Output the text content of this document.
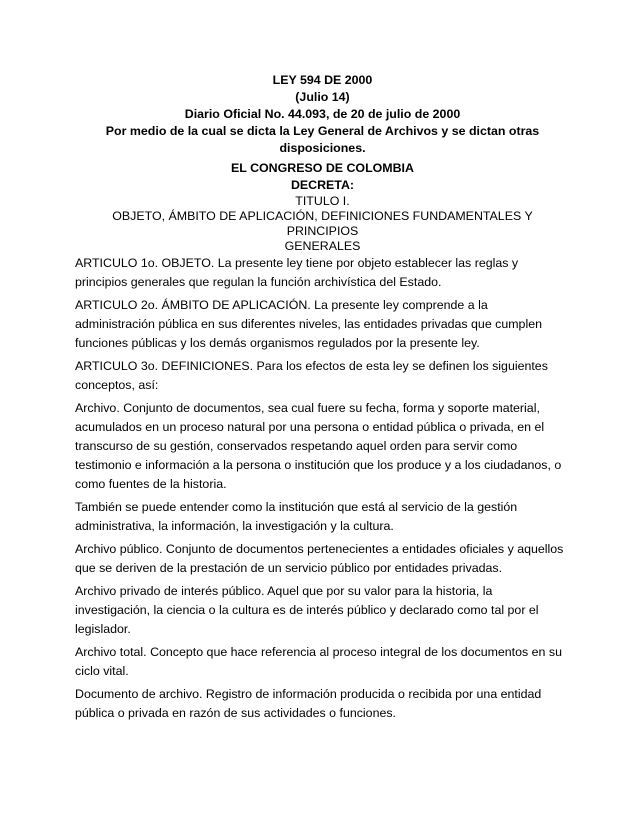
LEY 594 DE 2000
(Julio 14)
Diario Oficial No. 44.093, de 20 de julio de 2000
Por medio de la cual se dicta la Ley General de Archivos y se dictan otras
disposiciones.
EL CONGRESO DE COLOMBIA
DECRETA:
TITULO I.
OBJETO, ÁMBITO DE APLICACIÓN, DEFINICIONES FUNDAMENTALES Y
PRINCIPIOS
GENERALES

ARTICULO 1o. OBJETO. La presente ley tiene por objeto establecer las reglas y principios generales que regulan la función archivística del Estado.

ARTICULO 2o. ÁMBITO DE APLICACIÓN. La presente ley comprende a la administración pública en sus diferentes niveles, las entidades privadas que cumplen funciones públicas y los demás organismos regulados por la presente ley.

ARTICULO 3o. DEFINICIONES. Para los efectos de esta ley se definen los siguientes conceptos, así:

Archivo. Conjunto de documentos, sea cual fuere su fecha, forma y soporte material, acumulados en un proceso natural por una persona o entidad pública o privada, en el transcurso de su gestión, conservados respetando aquel orden para servir como testimonio e información a la persona o institución que los produce y a los ciudadanos, o como fuentes de la historia.

También se puede entender como la institución que está al servicio de la gestión administrativa, la información, la investigación y la cultura.

Archivo público. Conjunto de documentos pertenecientes a entidades oficiales y aquellos que se deriven de la prestación de un servicio público por entidades privadas.

Archivo privado de interés público. Aquel que por su valor para la historia, la investigación, la ciencia o la cultura es de interés público y declarado como tal por el legislador.

Archivo total. Concepto que hace referencia al proceso integral de los documentos en su ciclo vital.

Documento de archivo. Registro de información producida o recibida por una entidad pública o privada en razón de sus actividades o funciones.
